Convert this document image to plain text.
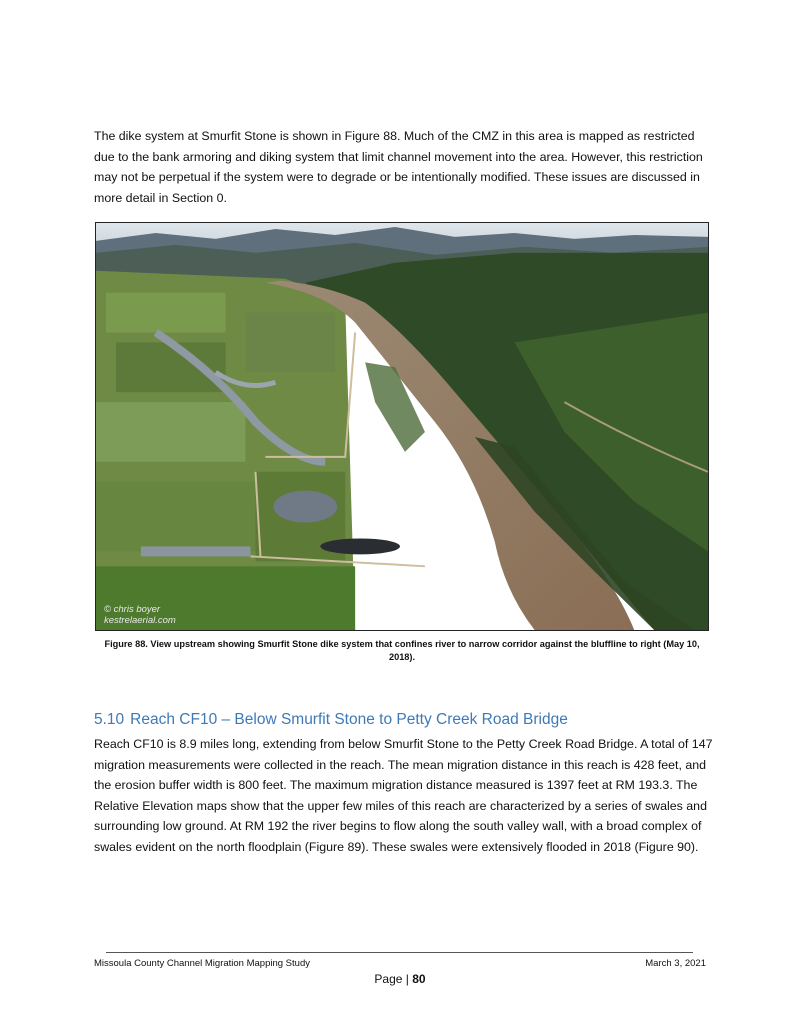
The dike system at Smurfit Stone is shown in Figure 88. Much of the CMZ in this area is mapped as restricted due to the bank armoring and diking system that limit channel movement into the area. However, this restriction may not be perpetual if the system were to degrade or be intentionally modified. These issues are discussed in more detail in Section 0.

© chris boyer
kestrelaerial.com
Figure 88. View upstream showing Smurfit Stone dike system that confines river to narrow corridor against the bluffline to right (May 10, 2018).
5.10 Reach CF10 – Below Smurfit Stone to Petty Creek Road Bridge

Reach CF10 is 8.9 miles long, extending from below Smurfit Stone to the Petty Creek Road Bridge. A total of 147 migration measurements were collected in the reach. The mean migration distance in this reach is 428 feet, and the erosion buffer width is 800 feet. The maximum migration distance measured is 1397 feet at RM 193.3. The Relative Elevation maps show that the upper few miles of this reach are characterized by a series of swales and surrounding low ground. At RM 192 the river begins to flow along the south valley wall, with a broad complex of swales evident on the north floodplain (Figure 89). These swales were extensively flooded in 2018 (Figure 90).

Missoula County Channel Migration Mapping Study	March 3, 2021
Page | 80
